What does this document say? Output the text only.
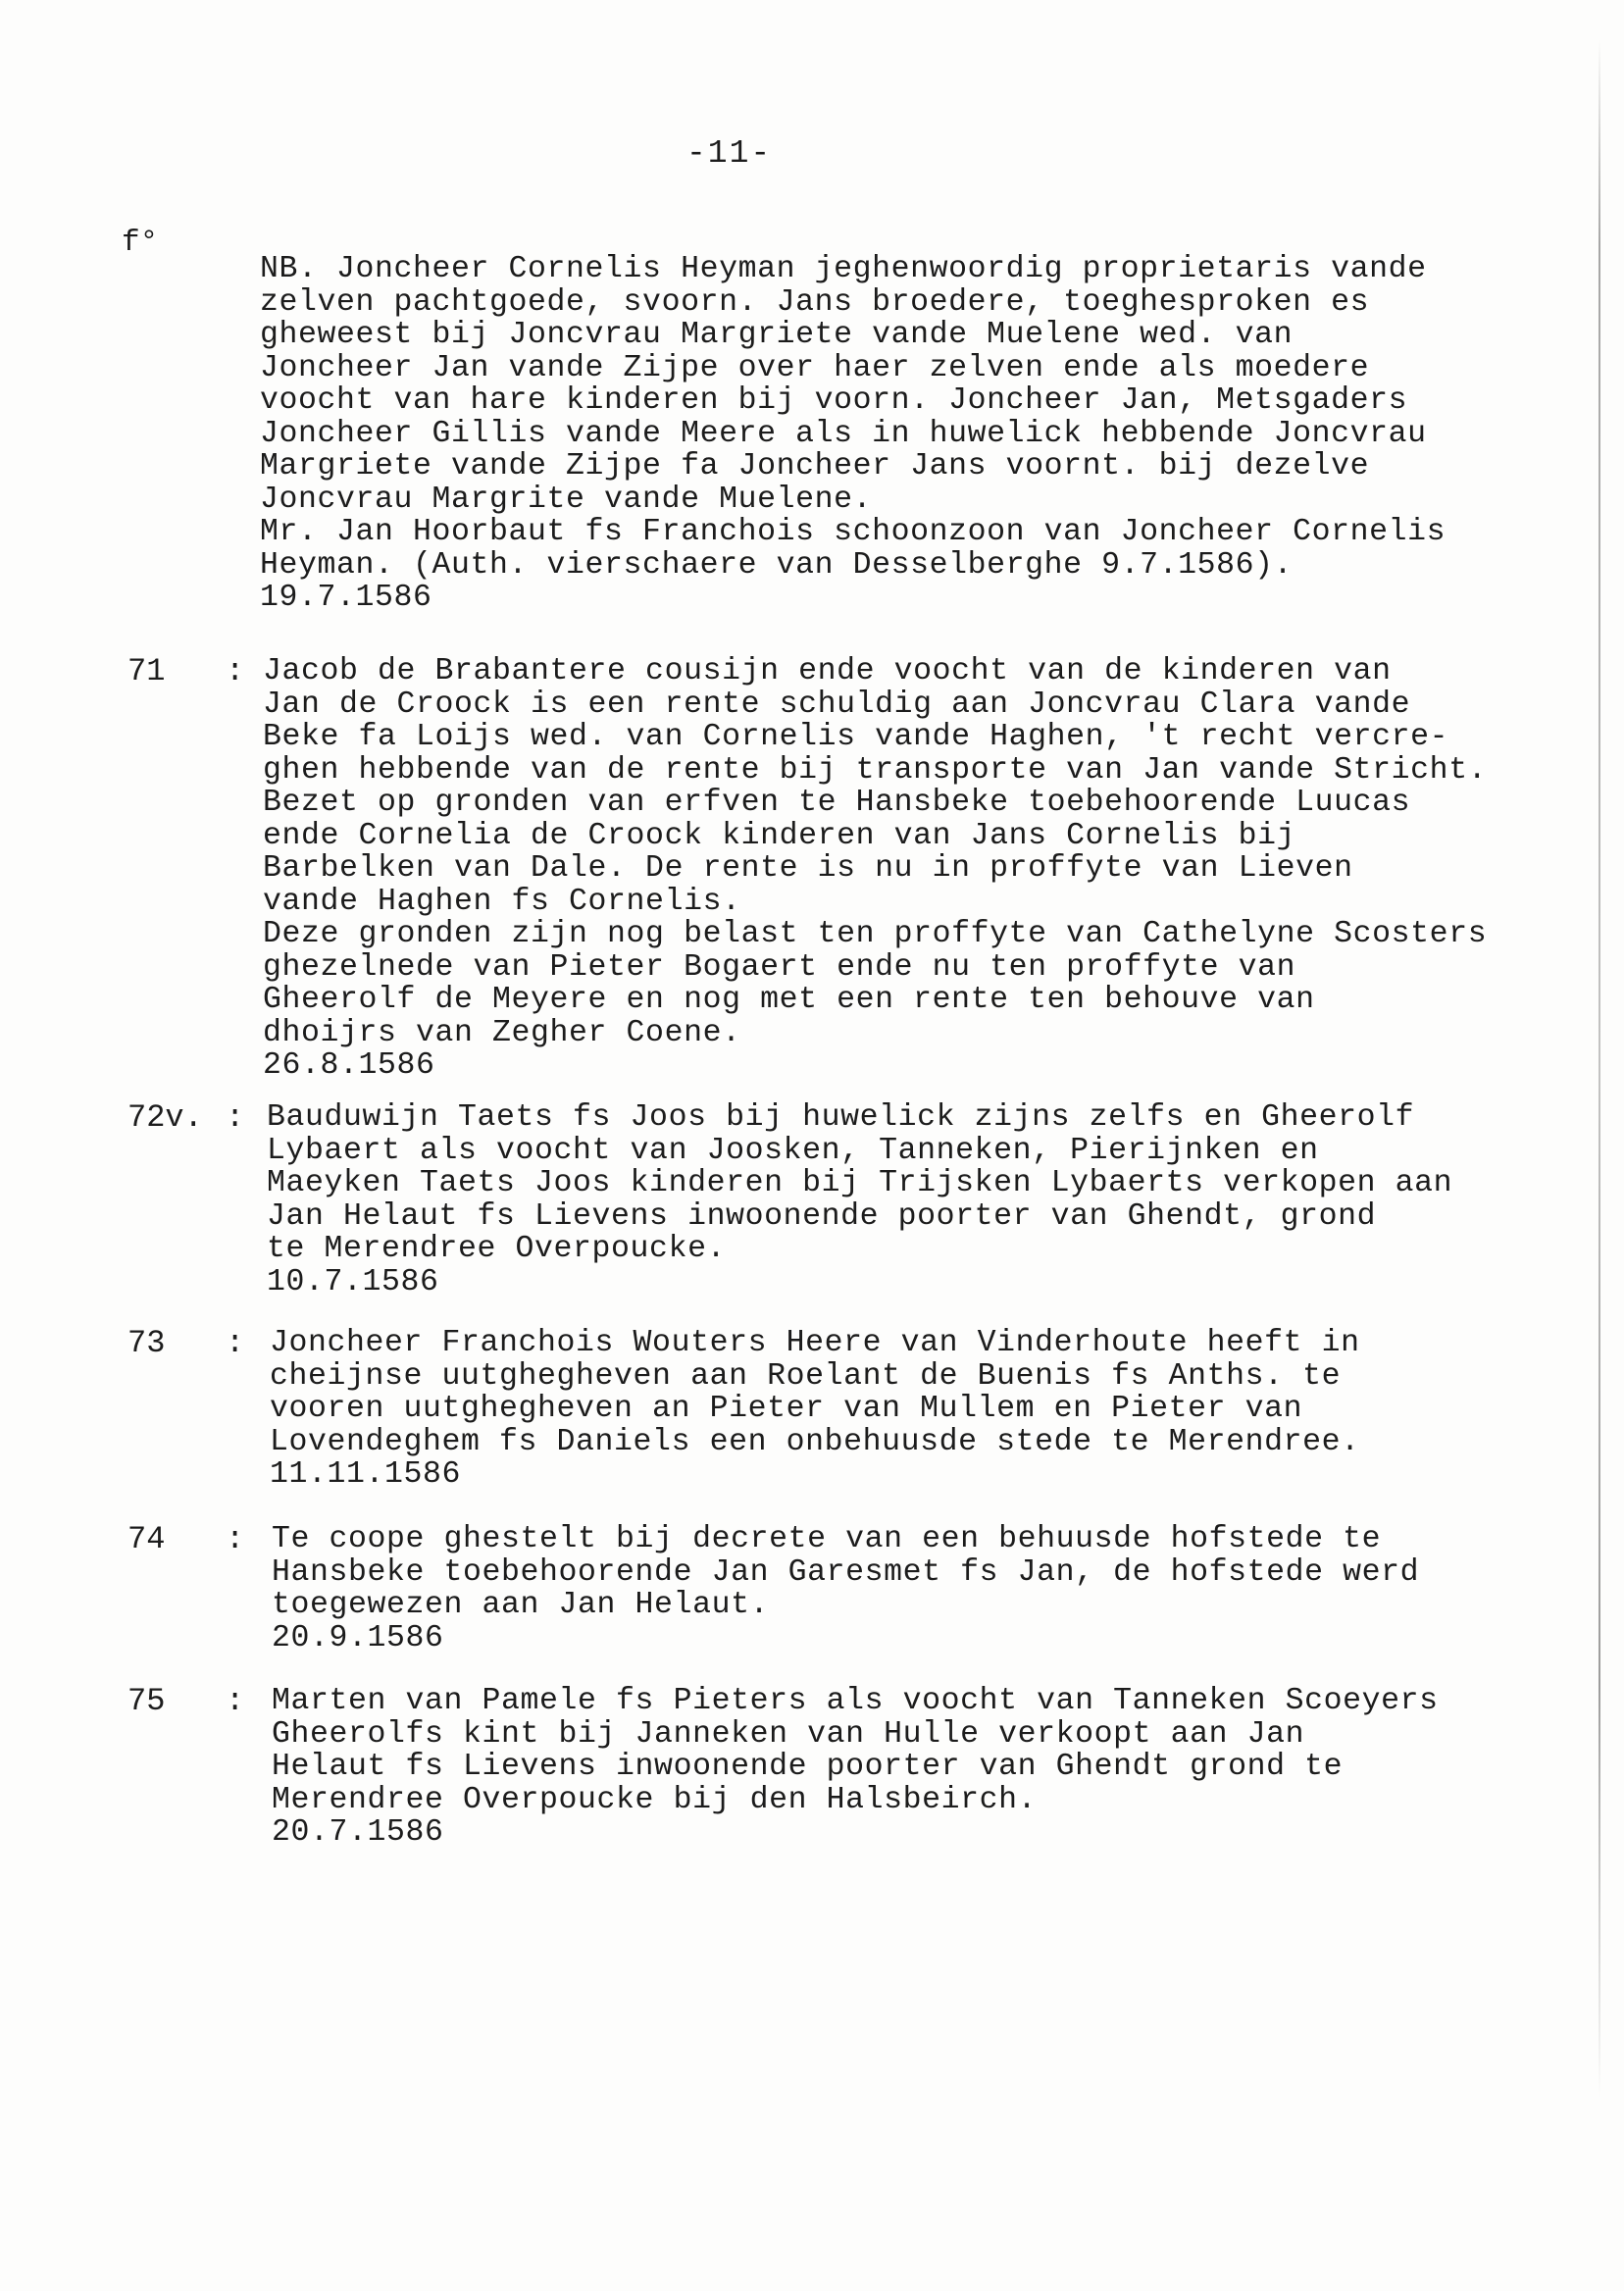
-11-
f°
NB. Joncheer Cornelis Heyman jeghenwoordig proprietaris vande
zelven pachtgoede, svoorn. Jans broedere, toeghesproken es
gheweest bij Joncvrau Margriete vande Muelene wed. van
Joncheer Jan vande Zijpe over haer zelven ende als moedere
voocht van hare kinderen bij voorn. Joncheer Jan, Metsgaders
Joncheer Gillis vande Meere als in huwelick hebbende Joncvrau
Margriete vande Zijpe fa Joncheer Jans voornt. bij dezelve
Joncvrau Margrite vande Muelene.
Mr. Jan Hoorbaut fs Franchois schoonzoon van Joncheer Cornelis
Heyman. (Auth. vierschaere van Desselberghe 9.7.1586).
19.7.1586
71 : Jacob de Brabantere cousijn ende voocht van de kinderen van
Jan de Croock is een rente schuldig aan Joncvrau Clara vande
Beke fa Loijs wed. van Cornelis vande Haghen, 't recht vercre-
ghen hebbende van de rente bij transporte van Jan vande Stricht.
Bezet op gronden van erfven te Hansbeke toebehoorende Luucas
ende Cornelia de Croock kinderen van Jans Cornelis bij
Barbelken van Dale. De rente is nu in proffyte van Lieven
vande Haghen fs Cornelis.
Deze gronden zijn nog belast ten proffyte van Cathelyne Scosters
ghezelnede van Pieter Bogaert ende nu ten proffyte van
Gheerolf de Meyere en nog met een rente ten behouve van
dhoijrs van Zegher Coene.
26.8.1586
72v. : Bauduwijn Taets fs Joos bij huwelick zijns zelfs en Gheerolf
Lybaert als voocht van Joosken, Tanneken, Pierijnken en
Maeyken Taets Joos kinderen bij Trijsken Lybaerts verkopen aan
Jan Helaut fs Lievens inwoonende poorter van Ghendt, grond
te Merendree Overpoucke.
10.7.1586
73 : Joncheer Franchois Wouters Heere van Vinderhoute heeft in
cheijnse uutghegheven aan Roelant de Buenis fs Anths. te
vooren uutghegheven an Pieter van Mullem en Pieter van
Lovendeghem fs Daniels een onbehuusde stede te Merendree.
11.11.1586
74 : Te coope ghestelt bij decrete van een behuusde hofstede te
Hansbeke toebehoorende Jan Garesmet fs Jan, de hofstede werd
toegewezen aan Jan Helaut.
20.9.1586
75 : Marten van Pamele fs Pieters als voocht van Tanneken Scoeyers
Gheerolfs kint bij Janneken van Hulle verkoopt aan Jan
Helaut fs Lievens inwoonende poorter van Ghendt grond te
Merendree Overpoucke bij den Halsbeirch.
20.7.1586
